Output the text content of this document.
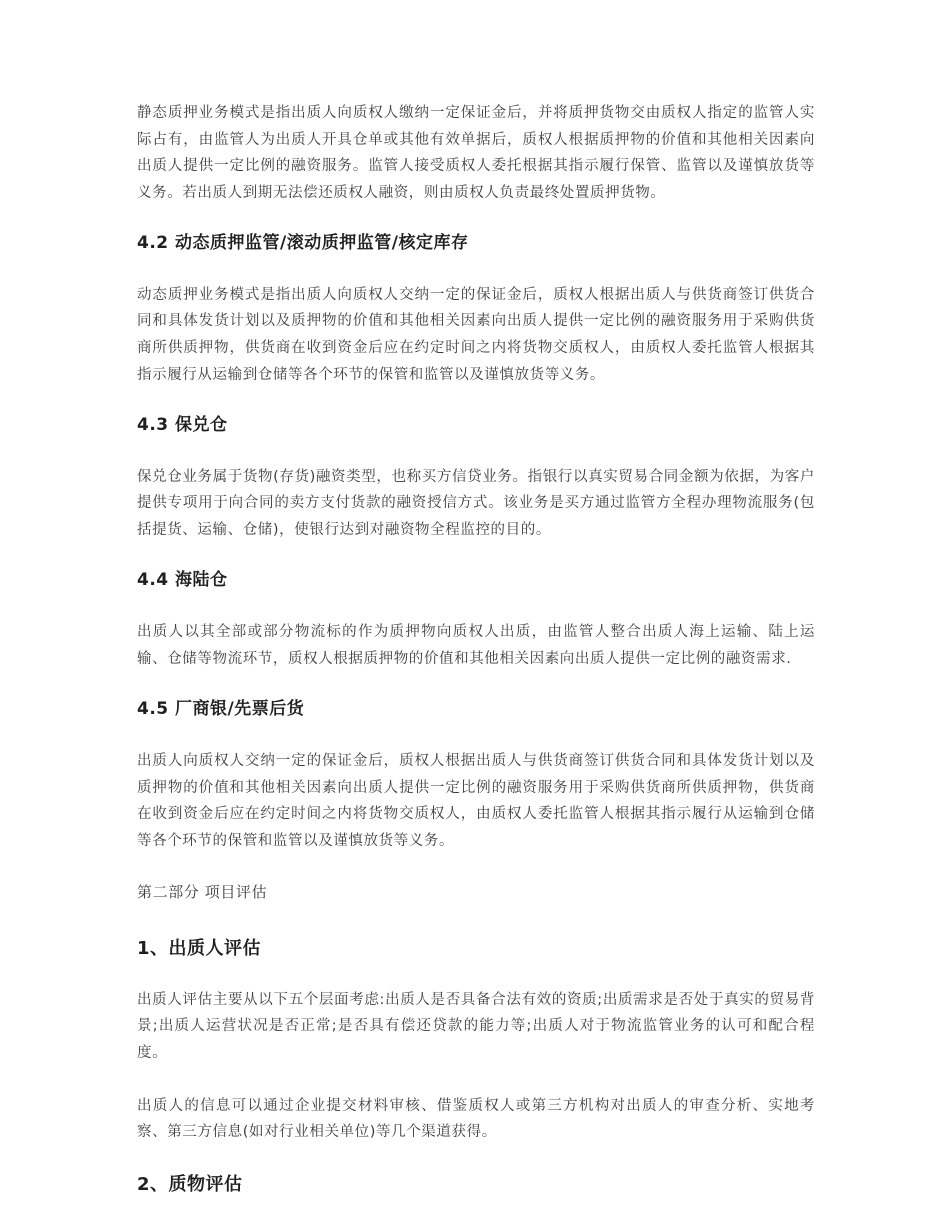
静态质押业务模式是指出质人向质权人缴纳一定保证金后，并将质押货物交由质权人指定的监管人实际占有，由监管人为出质人开具仓单或其他有效单据后，质权人根据质押物的价值和其他相关因素向出质人提供一定比例的融资服务。监管人接受质权人委托根据其指示履行保管、监管以及谨慎放货等义务。若出质人到期无法偿还质权人融资，则由质权人负责最终处置质押货物。

4.2 动态质押监管/滚动质押监管/核定库存

动态质押业务模式是指出质人向质权人交纳一定的保证金后，质权人根据出质人与供货商签订供货合同和具体发货计划以及质押物的价值和其他相关因素向出质人提供一定比例的融资服务用于采购供货商所供质押物，供货商在收到资金后应在约定时间之内将货物交质权人，由质权人委托监管人根据其指示履行从运输到仓储等各个环节的保管和监管以及谨慎放货等义务。

4.3 保兑仓

保兑仓业务属于货物(存货)融资类型，也称买方信贷业务。指银行以真实贸易合同金额为依据，为客户提供专项用于向合同的卖方支付货款的融资授信方式。该业务是买方通过监管方全程办理物流服务(包括提货、运输、仓储)，使银行达到对融资物全程监控的目的。

4.4 海陆仓

出质人以其全部或部分物流标的作为质押物向质权人出质，由监管人整合出质人海上运输、陆上运输、仓储等物流环节，质权人根据质押物的价值和其他相关因素向出质人提供一定比例的融资需求.

4.5 厂商银/先票后货

出质人向质权人交纳一定的保证金后，质权人根据出质人与供货商签订供货合同和具体发货计划以及质押物的价值和其他相关因素向出质人提供一定比例的融资服务用于采购供货商所供质押物，供货商在收到资金后应在约定时间之内将货物交质权人，由质权人委托监管人根据其指示履行从运输到仓储等各个环节的保管和监管以及谨慎放货等义务。

第二部分 项目评估

1、出质人评估

出质人评估主要从以下五个层面考虑:出质人是否具备合法有效的资质;出质需求是否处于真实的贸易背景;出质人运营状况是否正常;是否具有偿还贷款的能力等;出质人对于物流监管业务的认可和配合程度。

出质人的信息可以通过企业提交材料审核、借鉴质权人或第三方机构对出质人的审查分析、实地考察、第三方信息(如对行业相关单位)等几个渠道获得。

2、质物评估
